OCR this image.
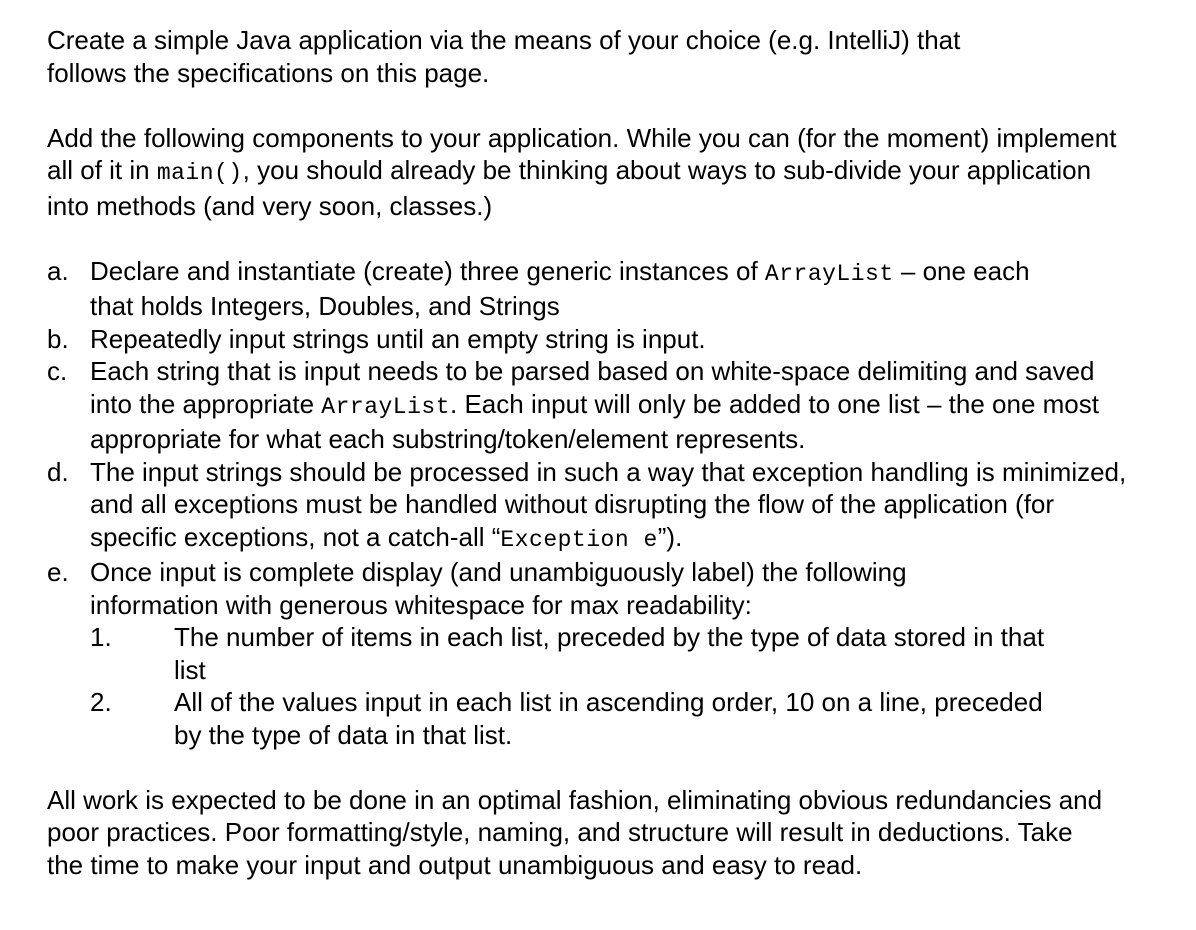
Create a simple Java application via the means of your choice (e.g. IntelliJ) that follows the specifications on this page.

Add the following components to your application. While you can (for the moment) implement all of it in main(), you should already be thinking about ways to sub-divide your application into methods (and very soon, classes.)

a. Declare and instantiate (create) three generic instances of ArrayList – one each that holds Integers, Doubles, and Strings
b. Repeatedly input strings until an empty string is input.
c. Each string that is input needs to be parsed based on white-space delimiting and saved into the appropriate ArrayList. Each input will only be added to one list – the one most appropriate for what each substring/token/element represents.
d. The input strings should be processed in such a way that exception handling is minimized, and all exceptions must be handled without disrupting the flow of the application (for specific exceptions, not a catch-all “Exception e”).
e. Once input is complete display (and unambiguously label) the following information with generous whitespace for max readability:
1. The number of items in each list, preceded by the type of data stored in that list
2. All of the values input in each list in ascending order, 10 on a line, preceded by the type of data in that list.

All work is expected to be done in an optimal fashion, eliminating obvious redundancies and poor practices. Poor formatting/style, naming, and structure will result in deductions. Take the time to make your input and output unambiguous and easy to read.
